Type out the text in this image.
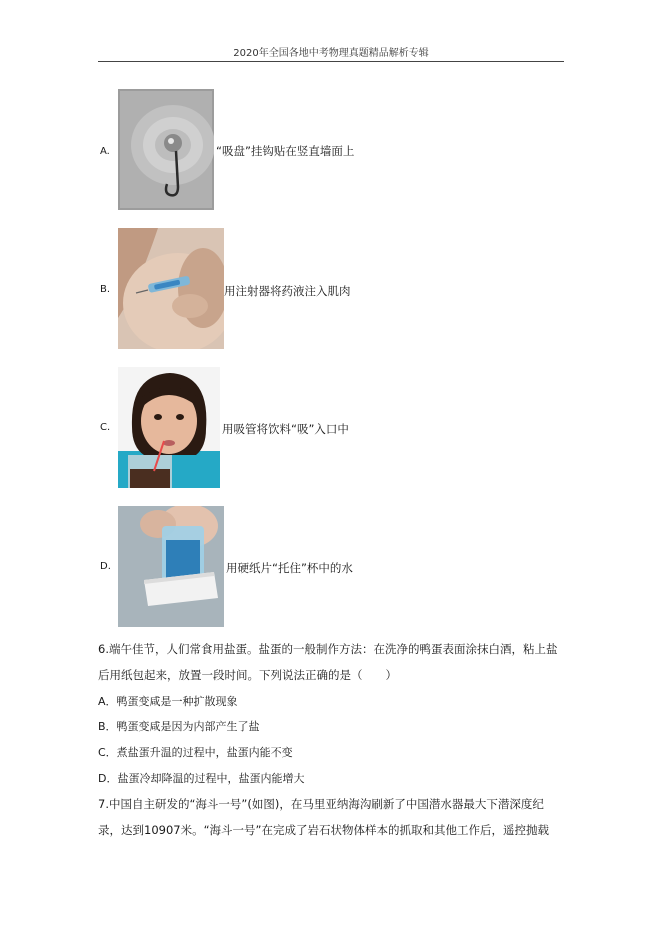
2020年全国各地中考物理真题精品解析专辑
A.	“吸盘”挂钩贴在竖直墙面上
B.	用注射器将药液注入肌肉
C.	用吸管将饮料“吸”入口中
D.	用硬纸片“托住”杯中的水
6.端午佳节，人们常食用盐蛋。盐蛋的一般制作方法：在洗净的鸭蛋表面涂抹白酒，粘上盐
后用纸包起来，放置一段时间。下列说法正确的是（　　）
A．鸭蛋变咸是一种扩散现象
B．鸭蛋变咸是因为内部产生了盐
C．煮盐蛋升温的过程中，盐蛋内能不变
D．盐蛋冷却降温的过程中，盐蛋内能增大
7.中国自主研发的“海斗一号”(如图)，在马里亚纳海沟刷新了中国潜水器最大下潜深度纪
录，达到10907米。“海斗一号”在完成了岩石状物体样本的抓取和其他工作后，遥控抛载
